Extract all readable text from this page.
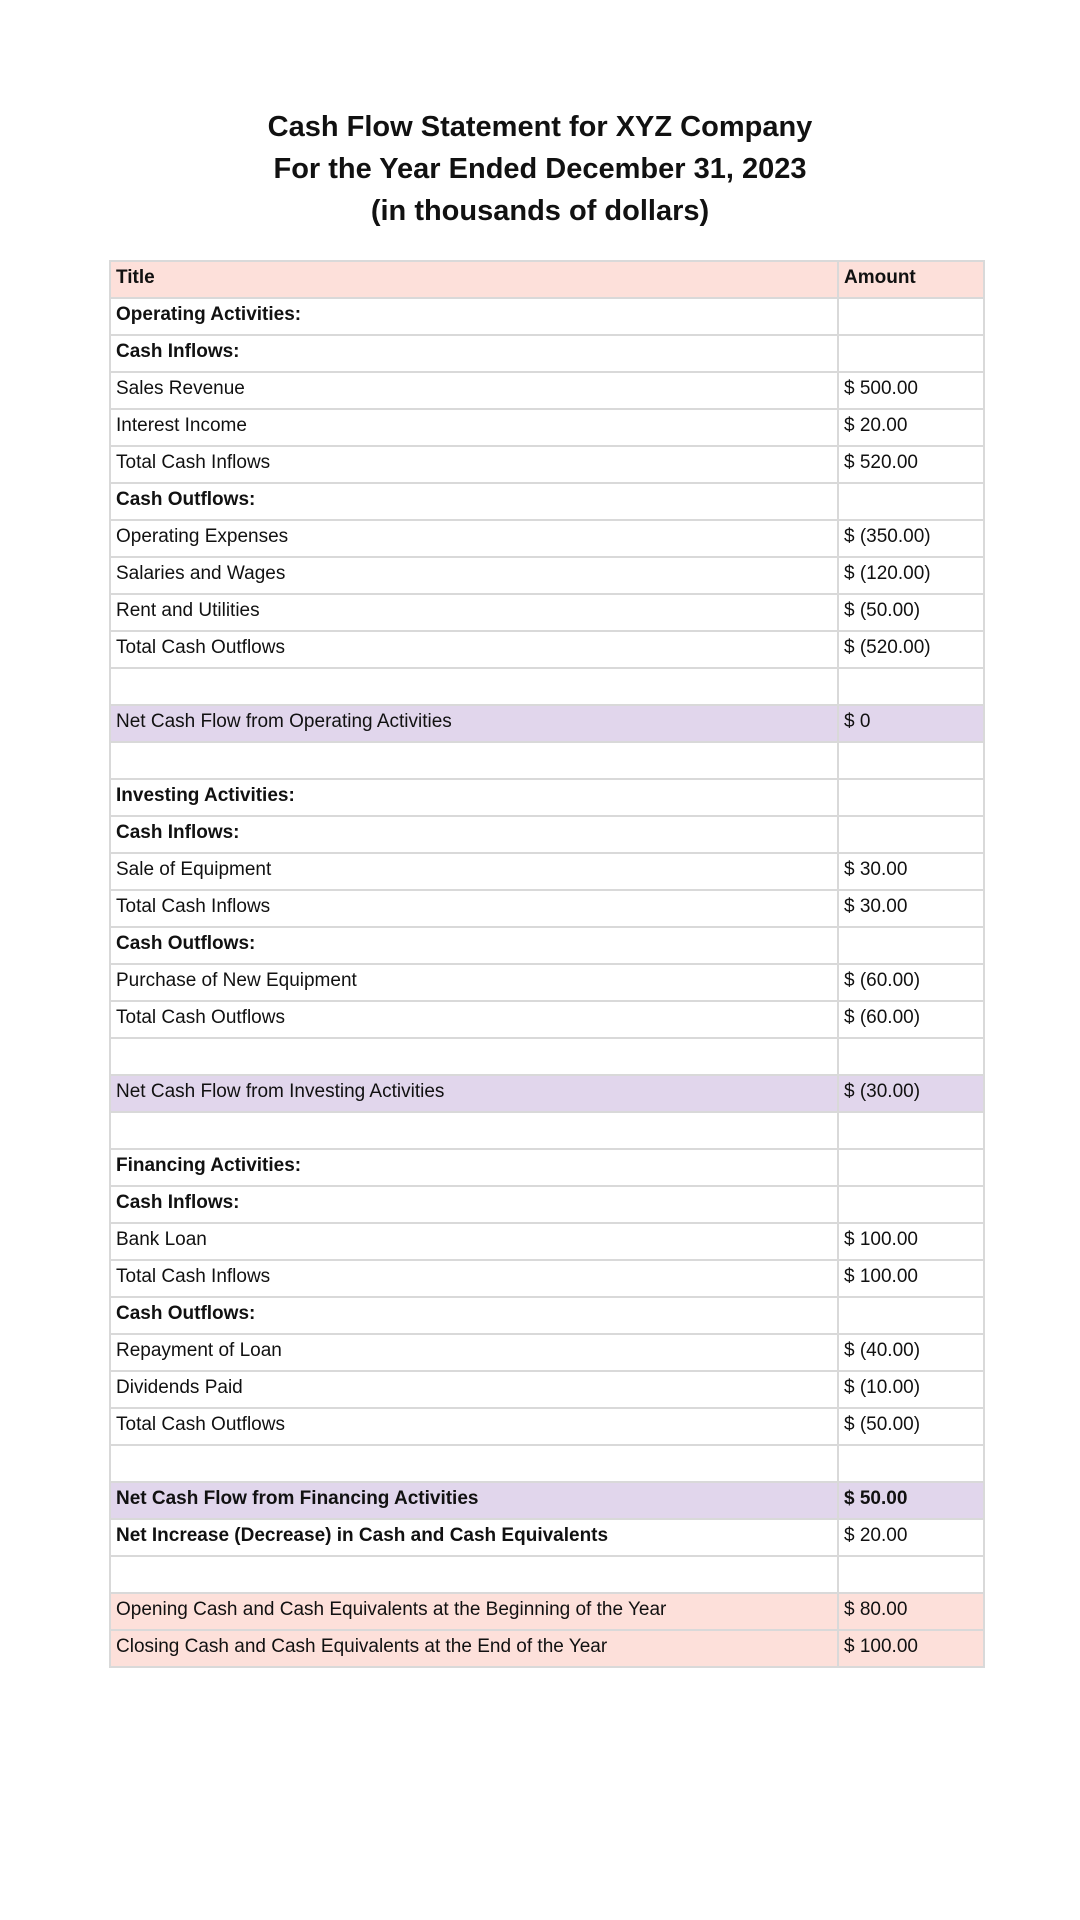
Cash Flow Statement for XYZ Company
For the Year Ended December 31, 2023
(in thousands of dollars)
Title	Amount
Operating Activities:	
Cash Inflows:	
Sales Revenue	$ 500.00
Interest Income	$ 20.00
Total Cash Inflows	$ 520.00
Cash Outflows:	
Operating Expenses	$ (350.00)
Salaries and Wages	$ (120.00)
Rent and Utilities	$ (50.00)
Total Cash Outflows	$ (520.00)

Net Cash Flow from Operating Activities	$ 0

Investing Activities:	
Cash Inflows:	
Sale of Equipment	$ 30.00
Total Cash Inflows	$ 30.00
Cash Outflows:	
Purchase of New Equipment	$ (60.00)
Total Cash Outflows	$ (60.00)

Net Cash Flow from Investing Activities	$ (30.00)

Financing Activities:	
Cash Inflows:	
Bank Loan	$ 100.00
Total Cash Inflows	$ 100.00
Cash Outflows:	
Repayment of Loan	$ (40.00)
Dividends Paid	$ (10.00)
Total Cash Outflows	$ (50.00)

Net Cash Flow from Financing Activities	$ 50.00
Net Increase (Decrease) in Cash and Cash Equivalents	$ 20.00

Opening Cash and Cash Equivalents at the Beginning of the Year	$ 80.00
Closing Cash and Cash Equivalents at the End of the Year	$ 100.00
